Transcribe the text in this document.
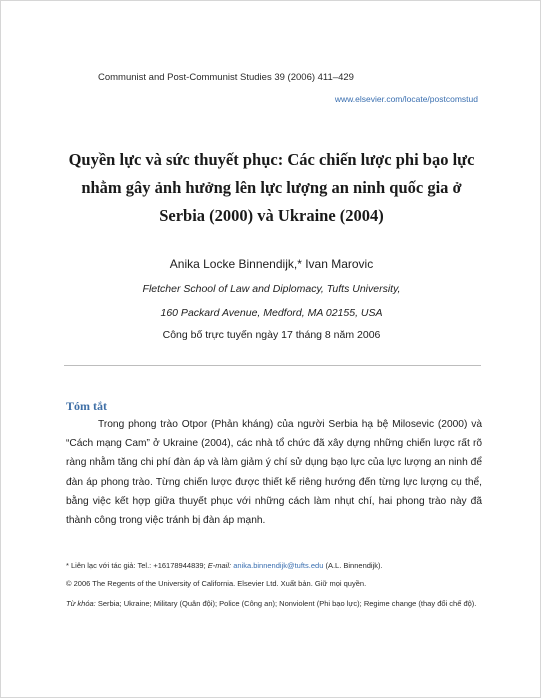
Communist and Post-Communist Studies 39 (2006) 411–429
www.elsevier.com/locate/postcomstud
Quyền lực và sức thuyết phục: Các chiến lược phi bạo lực
nhằm gây ảnh hưởng lên lực lượng an ninh quốc gia ở
Serbia (2000) và Ukraine (2004)
Anika Locke Binnendijk,* Ivan Marovic
Fletcher School of Law and Diplomacy, Tufts University,
160 Packard Avenue, Medford, MA 02155, USA
Công bố trực tuyến ngày 17 tháng 8 năm 2006
Tóm tắt
Trong phong trào Otpor (Phản kháng) của người Serbia hạ bệ Milosevic (2000) và “Cách mạng Cam” ở Ukraine (2004), các nhà tổ chức đã xây dựng những chiến lược rất rõ ràng nhằm tăng chi phí đàn áp và làm giảm ý chí sử dụng bạo lực của lực lượng an ninh để đàn áp phong trào. Từng chiến lược được thiết kế riêng hướng đến từng lực lượng cụ thể, bằng việc kết hợp giữa thuyết phục với những cách làm nhụt chí, hai phong trào này đã thành công trong việc tránh bị đàn áp mạnh.
* Liên lạc với tác giả: Tel.: +16178944839; E-mail: anika.binnendijk@tufts.edu (A.L. Binnendijk).
© 2006 The Regents of the University of California. Elsevier Ltd. Xuất bản. Giữ mọi quyền.
Từ khóa: Serbia; Ukraine; Military (Quân đội); Police (Công an); Nonviolent (Phi bạo lực); Regime change (thay đổi chế độ).
